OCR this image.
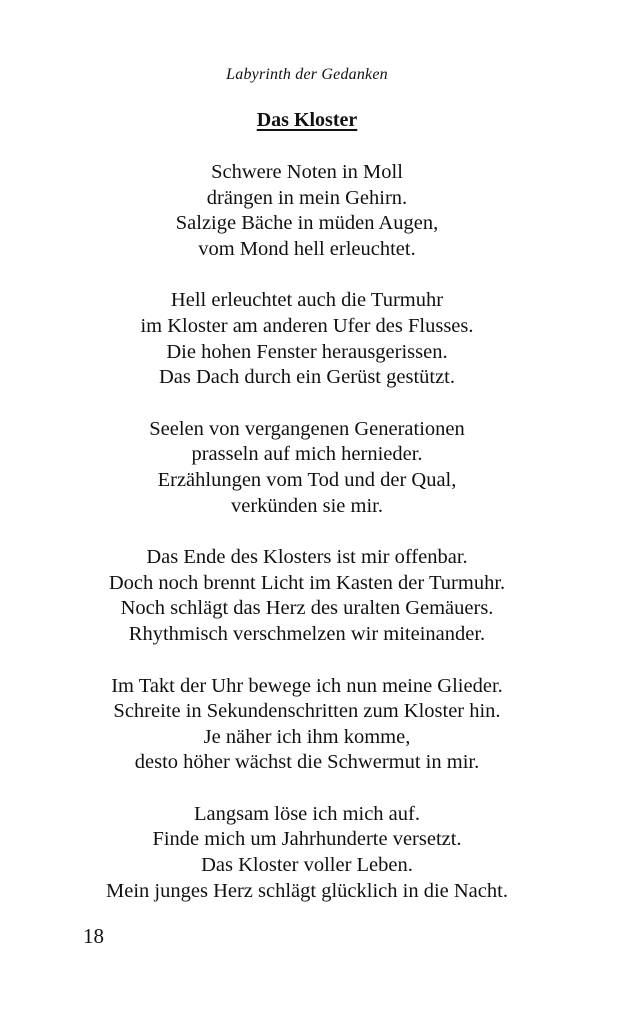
Labyrinth der Gedanken
Das Kloster
Schwere Noten in Moll
drängen in mein Gehirn.
Salzige Bäche in müden Augen,
vom Mond hell erleuchtet.
Hell erleuchtet auch die Turmuhr
im Kloster am anderen Ufer des Flusses.
Die hohen Fenster herausgerissen.
Das Dach durch ein Gerüst gestützt.
Seelen von vergangenen Generationen
prasseln auf mich hernieder.
Erzählungen vom Tod und der Qual,
verkünden sie mir.
Das Ende des Klosters ist mir offenbar.
Doch noch brennt Licht im Kasten der Turmuhr.
Noch schlägt das Herz des uralten Gemäuers.
Rhythmisch verschmelzen wir miteinander.
Im Takt der Uhr bewege ich nun meine Glieder.
Schreite in Sekundenschritten zum Kloster hin.
Je näher ich ihm komme,
desto höher wächst die Schwermut in mir.
Langsam löse ich mich auf.
Finde mich um Jahrhunderte versetzt.
Das Kloster voller Leben.
Mein junges Herz schlägt glücklich in die Nacht.
18
